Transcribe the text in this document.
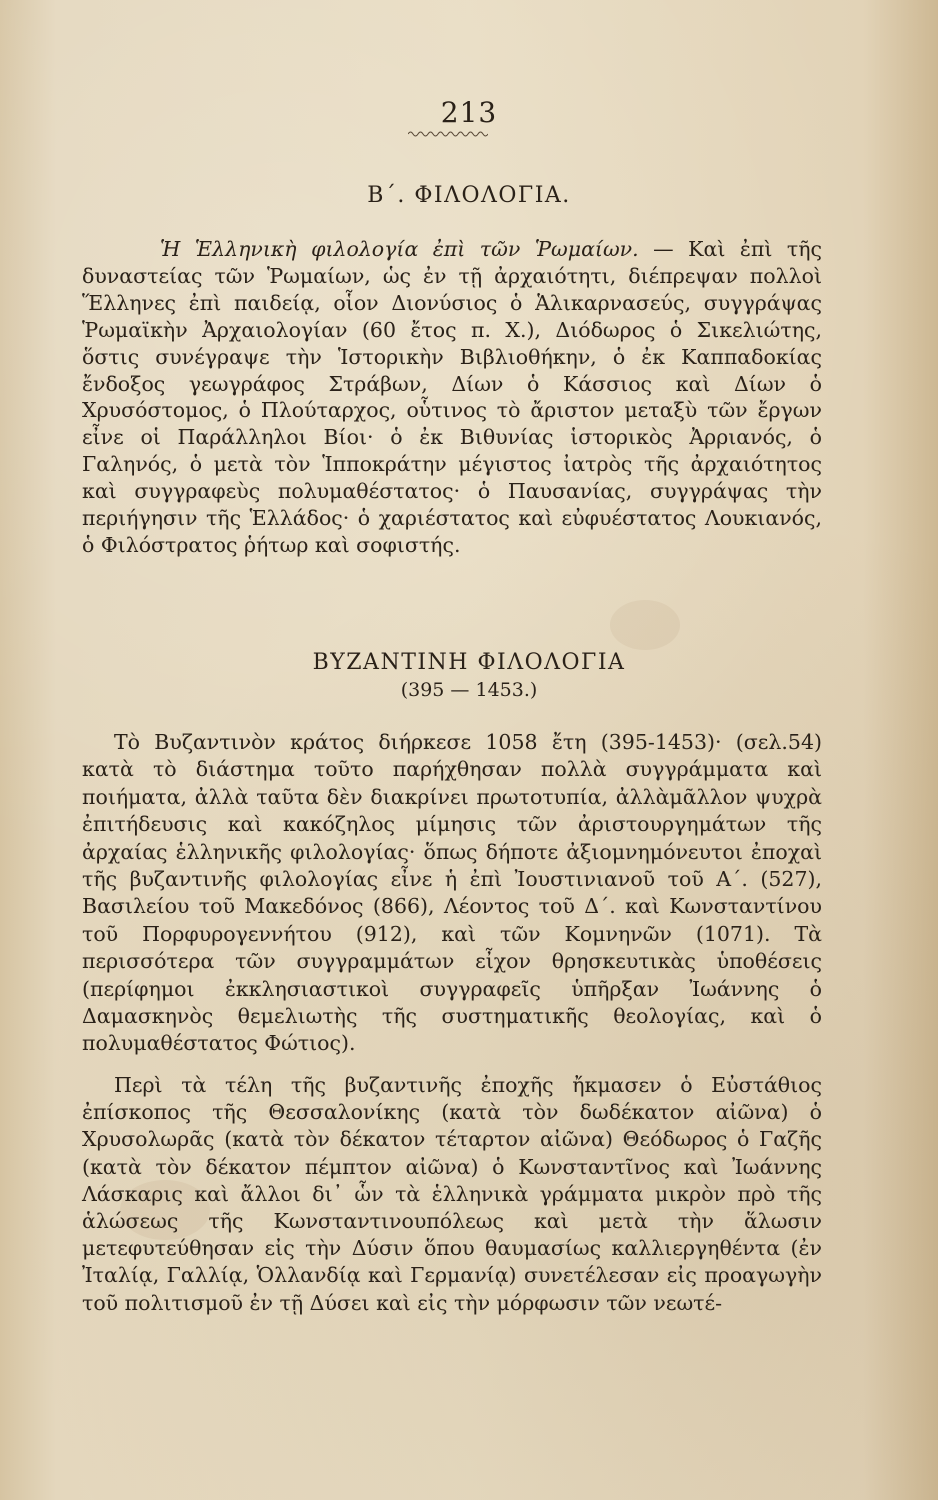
213
Β΄. ΦΙΛΟΛΟΓΙΑ.
Ἡ Ἑλληνικὴ φιλολογία ἐπὶ τῶν Ῥωμαίων. — Καὶ ἐπὶ τῆς δυναστείας τῶν Ῥωμαίων, ὡς ἐν τῇ ἀρχαιότητι, διέπρεψαν πολλοὶ Ἕλληνες ἐπὶ παιδείᾳ, οἷον Διονύσιος ὁ Ἁλικαρνασεύς, συγγράψας Ῥωμαϊκὴν Ἀρχαιολογίαν (60 ἔτος π. Χ.), Διόδωρος ὁ Σικελιώτης, ὅστις συνέγραψε τὴν Ἱστορικὴν Βιβλιοθήκην, ὁ ἐκ Καππαδοκίας ἔνδοξος γεωγράφος Στράβων, Δίων ὁ Κάσσιος καὶ Δίων ὁ Χρυσόστομος, ὁ Πλούταρχος, οὗτινος τὸ ἄριστον μεταξὺ τῶν ἔργων εἶνε οἱ Παράλληλοι Βίοι· ὁ ἐκ Βιθυνίας ἱστορικὸς Ἀρριανός, ὁ Γαληνός, ὁ μετὰ τὸν Ἱπποκράτην μέγιστος ἰατρὸς τῆς ἀρχαιότητος καὶ συγγραφεὺς πολυμαθέστατος· ὁ Παυσανίας, συγγράψας τὴν περιήγησιν τῆς Ἑλλάδος· ὁ χαριέστατος καὶ εὐφυέστατος Λουκιανός, ὁ Φιλόστρατος ῥήτωρ καὶ σοφιστής.
ΒΥΖΑΝΤΙΝΗ ΦΙΛΟΛΟΓΙΑ
(395 — 1453.)

Τὸ Βυζαντινὸν κράτος διήρκεσε 1058 ἔτη (395-1453)· (σελ.54) κατὰ τὸ διάστημα τοῦτο παρήχθησαν πολλὰ συγγράμματα καὶ ποιήματα, ἀλλὰ ταῦτα δὲν διακρίνει πρωτοτυπία, ἀλλὰμᾶλλον ψυχρὰ ἐπιτήδευσις καὶ κακόζηλος μίμησις τῶν ἀριστουργημάτων τῆς ἀρχαίας ἑλληνικῆς φιλολογίας· ὅπως δήποτε ἀξιομνημόνευτοι ἐποχαὶ τῆς βυζαντινῆς φιλολογίας εἶνε ἡ ἐπὶ Ἰουστινιανοῦ τοῦ Α΄. (527), Βασιλείου τοῦ Μακεδόνος (866), Λέοντος τοῦ Δ΄. καὶ Κωνσταντίνου τοῦ Πορφυρογεννήτου (912), καὶ τῶν Κομνηνῶν (1071). Τὰ περισσότερα τῶν συγγραμμάτων εἶχον θρησκευτικὰς ὑποθέσεις (περίφημοι ἐκκλησιαστικοὶ συγγραφεῖς ὑπῆρξαν Ἰωάννης ὁ Δαμασκηνὸς θεμελιωτὴς τῆς συστηματικῆς θεολογίας, καὶ ὁ πολυμαθέστατος Φώτιος).

Περὶ τὰ τέλη τῆς βυζαντινῆς ἐποχῆς ἤκμασεν ὁ Εὐστάθιος ἐπίσκοπος τῆς Θεσσαλονίκης (κατὰ τὸν δωδέκατον αἰῶνα) ὁ Χρυσολωρᾶς (κατὰ τὸν δέκατον τέταρτον αἰῶνα) Θεόδωρος ὁ Γαζῆς (κατὰ τὸν δέκατον πέμπτον αἰῶνα) ὁ Κωνσταντῖνος καὶ Ἰωάννης Λάσκαρις καὶ ἄλλοι δι᾽ ὧν τὰ ἑλληνικὰ γράμματα μικρὸν πρὸ τῆς ἁλώσεως τῆς Κωνσταντινουπόλεως καὶ μετὰ τὴν ἅλωσιν μετεφυτεύθησαν εἰς τὴν Δύσιν ὅπου θαυμασίως καλλιεργηθέντα (ἐν Ἰταλίᾳ, Γαλλίᾳ, Ὁλλανδίᾳ καὶ Γερμανίᾳ) συνετέλεσαν εἰς προαγωγὴν τοῦ πολιτισμοῦ ἐν τῇ Δύσει καὶ εἰς τὴν μόρφωσιν τῶν νεωτέ-
